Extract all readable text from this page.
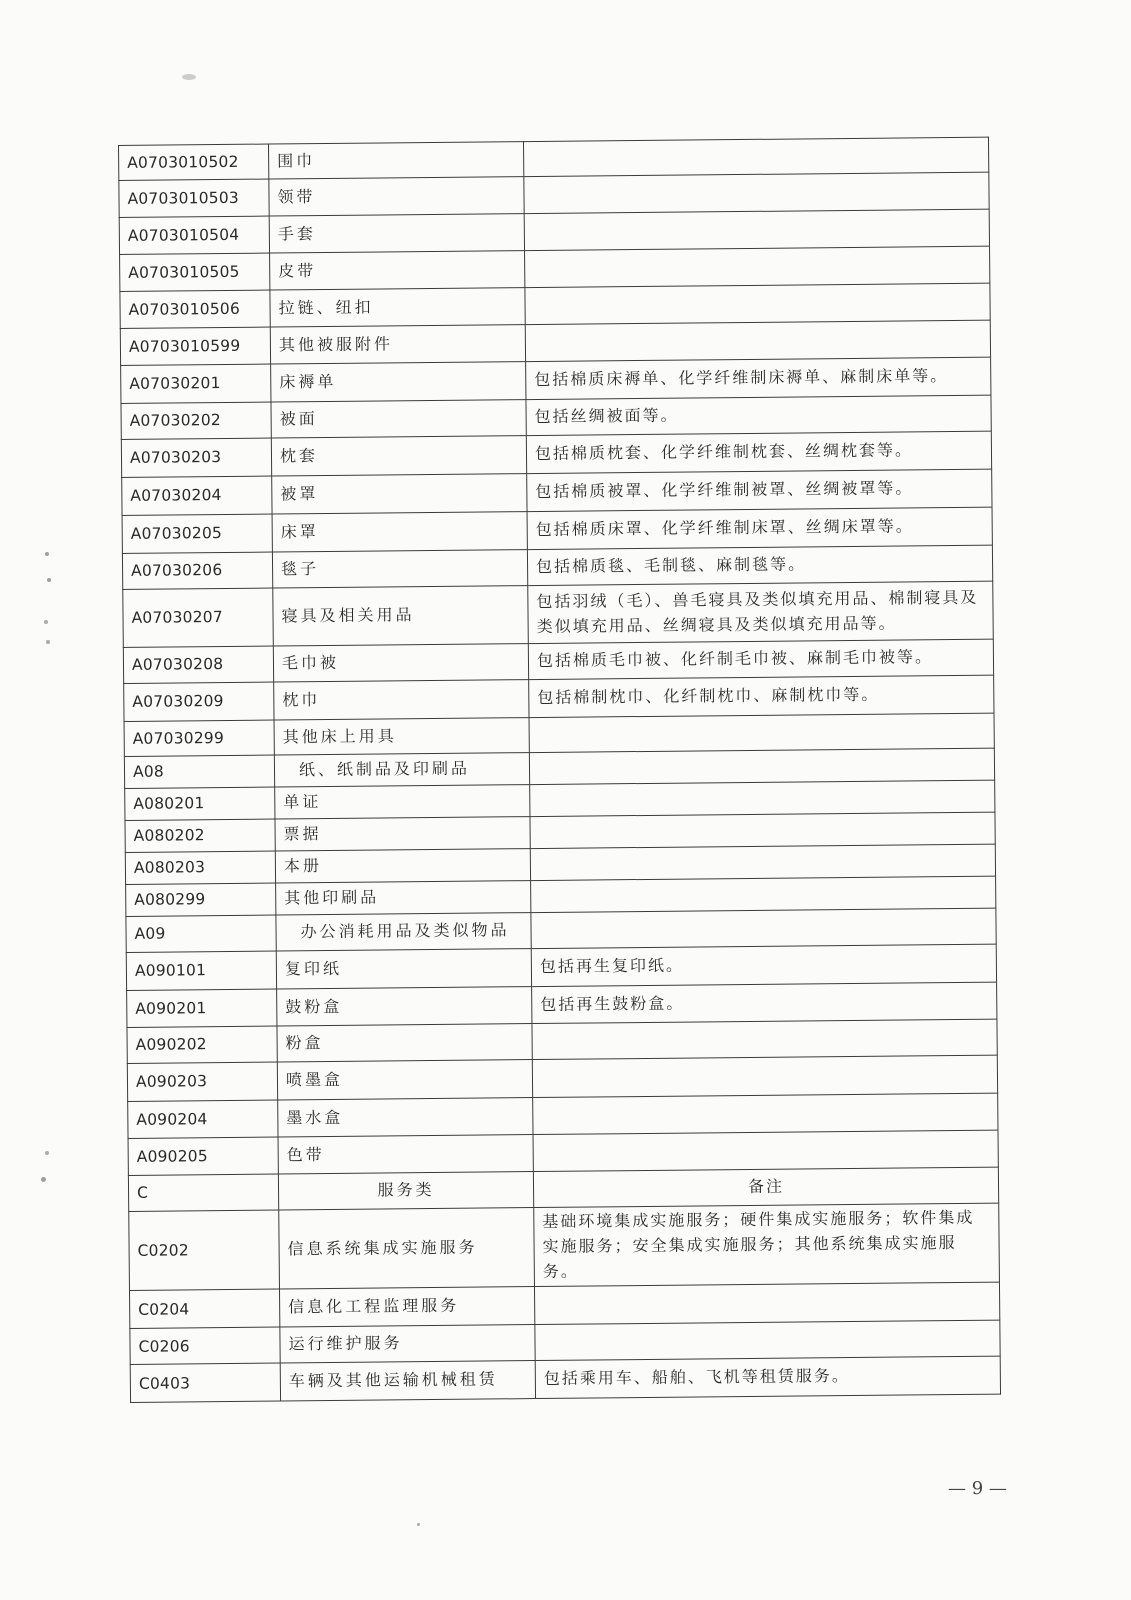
A0703010502	围巾	
A0703010503	领带	
A0703010504	手套	
A0703010505	皮带	
A0703010506	拉链、纽扣	
A0703010599	其他被服附件	
A07030201	床褥单	包括棉质床褥单、化学纤维制床褥单、麻制床单等。
A07030202	被面	包括丝绸被面等。
A07030203	枕套	包括棉质枕套、化学纤维制枕套、丝绸枕套等。
A07030204	被罩	包括棉质被罩、化学纤维制被罩、丝绸被罩等。
A07030205	床罩	包括棉质床罩、化学纤维制床罩、丝绸床罩等。
A07030206	毯子	包括棉质毯、毛制毯、麻制毯等。
A07030207	寝具及相关用品	包括羽绒（毛）、兽毛寝具及类似填充用品、棉制寝具及类似填充用品、丝绸寝具及类似填充用品等。
A07030208	毛巾被	包括棉质毛巾被、化纤制毛巾被、麻制毛巾被等。
A07030209	枕巾	包括棉制枕巾、化纤制枕巾、麻制枕巾等。
A07030299	其他床上用具	
A08	纸、纸制品及印刷品	
A080201	单证	
A080202	票据	
A080203	本册	
A080299	其他印刷品	
A09	办公消耗用品及类似物品	
A090101	复印纸	包括再生复印纸。
A090201	鼓粉盒	包括再生鼓粉盒。
A090202	粉盒	
A090203	喷墨盒	
A090204	墨水盒	
A090205	色带	
C	服务类	备注
C0202	信息系统集成实施服务	基础环境集成实施服务；硬件集成实施服务；软件集成实施服务；安全集成实施服务；其他系统集成实施服务。
C0204	信息化工程监理服务	
C0206	运行维护服务	
C0403	车辆及其他运输机械租赁	包括乘用车、船舶、飞机等租赁服务。
— 9 —
